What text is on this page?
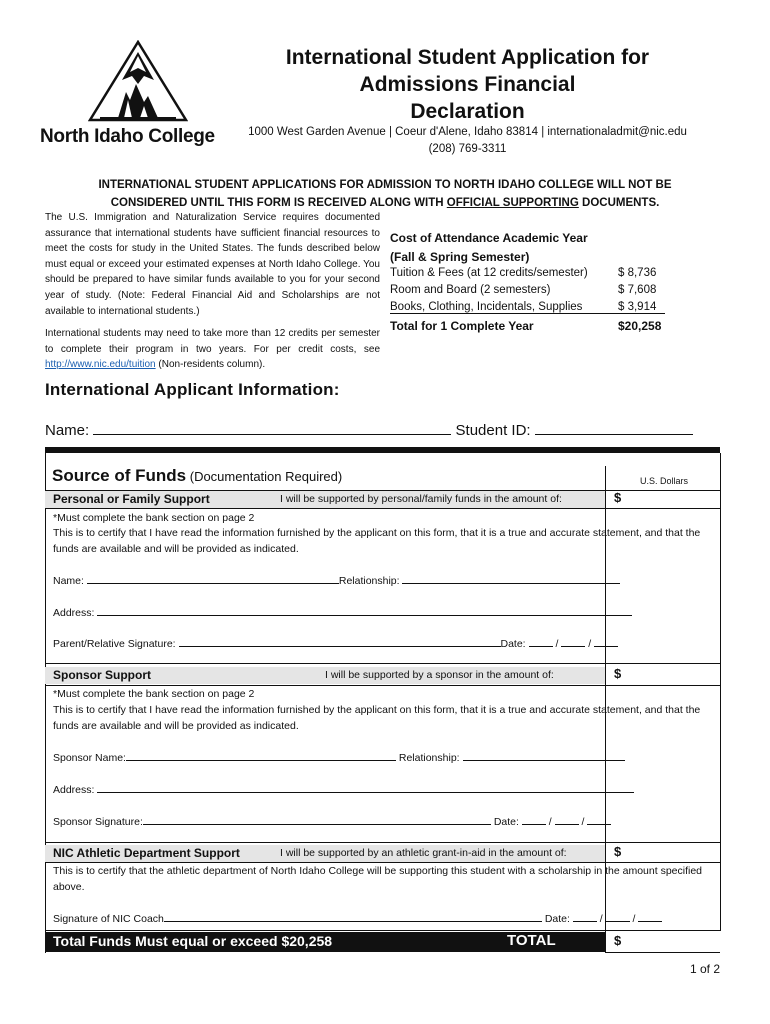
North Idaho College
International Student Application for
Admissions Financial
Declaration
1000 West Garden Avenue | Coeur d'Alene, Idaho 83814 | internationaladmit@nic.edu
(208) 769-3311
INTERNATIONAL STUDENT APPLICATIONS FOR ADMISSION TO NORTH IDAHO COLLEGE WILL NOT BE
CONSIDERED UNTIL THIS FORM IS RECEIVED ALONG WITH OFFICIAL SUPPORTING DOCUMENTS.
The U.S. Immigration and Naturalization Service requires documented assurance that international students have sufficient financial resources to meet the costs for study in the United States. The funds described below must equal or exceed your estimated expenses at North Idaho College. You should be prepared to have similar funds available to you for your second year of study. (Note: Federal Financial Aid and Scholarships are not available to international students.)
International students may need to take more than 12 credits per semester to complete their program in two years. For per credit costs, see http://www.nic.edu/tuition (Non-residents column).
Cost of Attendance Academic Year
(Fall & Spring Semester)
Tuition & Fees (at 12 credits/semester)	$ 8,736
Room and Board (2 semesters)	$ 7,608
Books, Clothing, Incidentals, Supplies	$ 3,914
Total for 1 Complete Year	$20,258
International Applicant Information:
Name:	Student ID:
Source of Funds (Documentation Required)	U.S. Dollars
Personal or Family Support	I will be supported by personal/family funds in the amount of:	$
*Must complete the bank section on page 2
This is to certify that I have read the information furnished by the applicant on this form, that it is a true and accurate statement, and that the funds are available and will be provided as indicated.
Name:	Relationship:
Address:
Parent/Relative Signature:	Date:	/	/
Sponsor Support	I will be supported by a sponsor in the amount of:	$
*Must complete the bank section on page 2
This is to certify that I have read the information furnished by the applicant on this form, that it is a true and accurate statement, and that the funds are available and will be provided as indicated.
Sponsor Name:	Relationship:
Address:
Sponsor Signature:	Date:	/	/
NIC Athletic Department Support	I will be supported by an athletic grant-in-aid in the amount of:	$
This is to certify that the athletic department of North Idaho College will be supporting this student with a scholarship in the amount specified above.
Signature of NIC Coach	Date:	/	/
Total Funds Must equal or exceed $20,258	TOTAL	$
1 of 2
